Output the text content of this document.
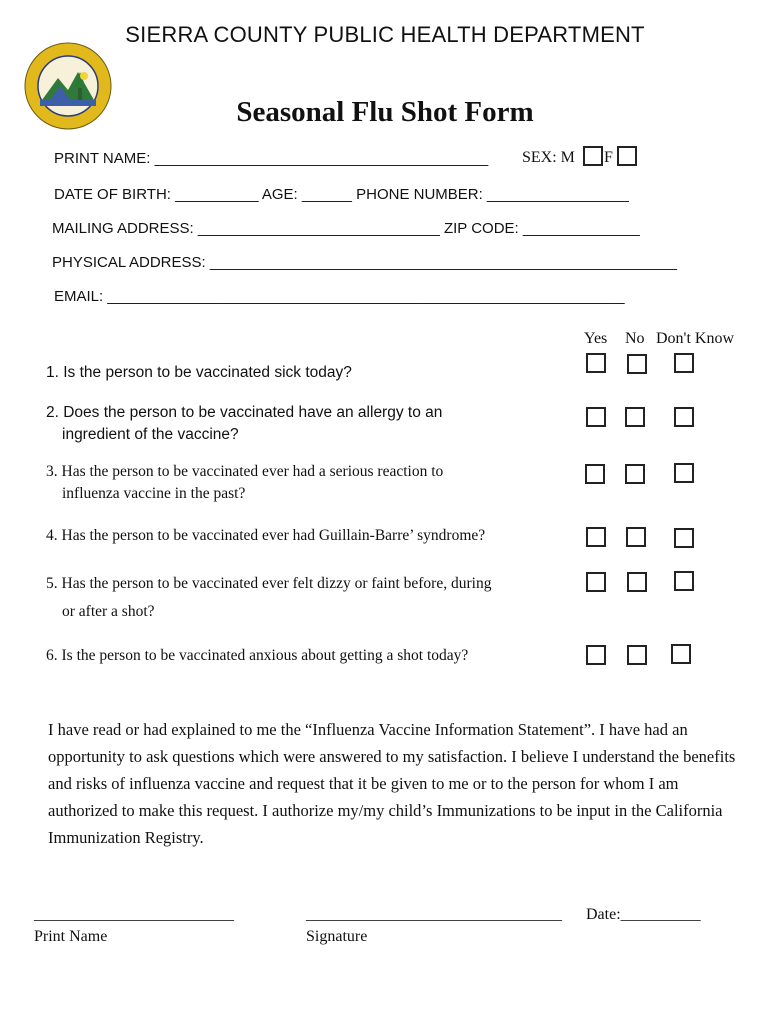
SIERRA COUNTY PUBLIC HEALTH DEPARTMENT
Seasonal Flu Shot Form
PRINT NAME: ________________________________________ SEX: M F
DATE OF BIRTH: __________ AGE: ______ PHONE NUMBER: _________________
MAILING ADDRESS: _____________________________ ZIP CODE: ______________
PHYSICAL ADDRESS: ________________________________________________________
EMAIL: ______________________________________________________________
Yes No Don't Know
1. Is the person to be vaccinated sick today?
2. Does the person to be vaccinated have an allergy to an
ingredient of the vaccine?
3. Has the person to be vaccinated ever had a serious reaction to
influenza vaccine in the past?
4. Has the person to be vaccinated ever had Guillain-Barre’ syndrome?
5. Has the person to be vaccinated ever felt dizzy or faint before, during
or after a shot?
6. Is the person to be vaccinated anxious about getting a shot today?

I have read or had explained to me the “Influenza Vaccine Information Statement”. I have had an opportunity to ask questions which were answered to my satisfaction. I believe I understand the benefits and risks of influenza vaccine and request that it be given to me or to the person for whom I am authorized to make this request. I authorize my/my child’s Immunizations to be input in the California Immunization Registry.

_________________________
Print Name
________________________________
Signature
Date:__________
